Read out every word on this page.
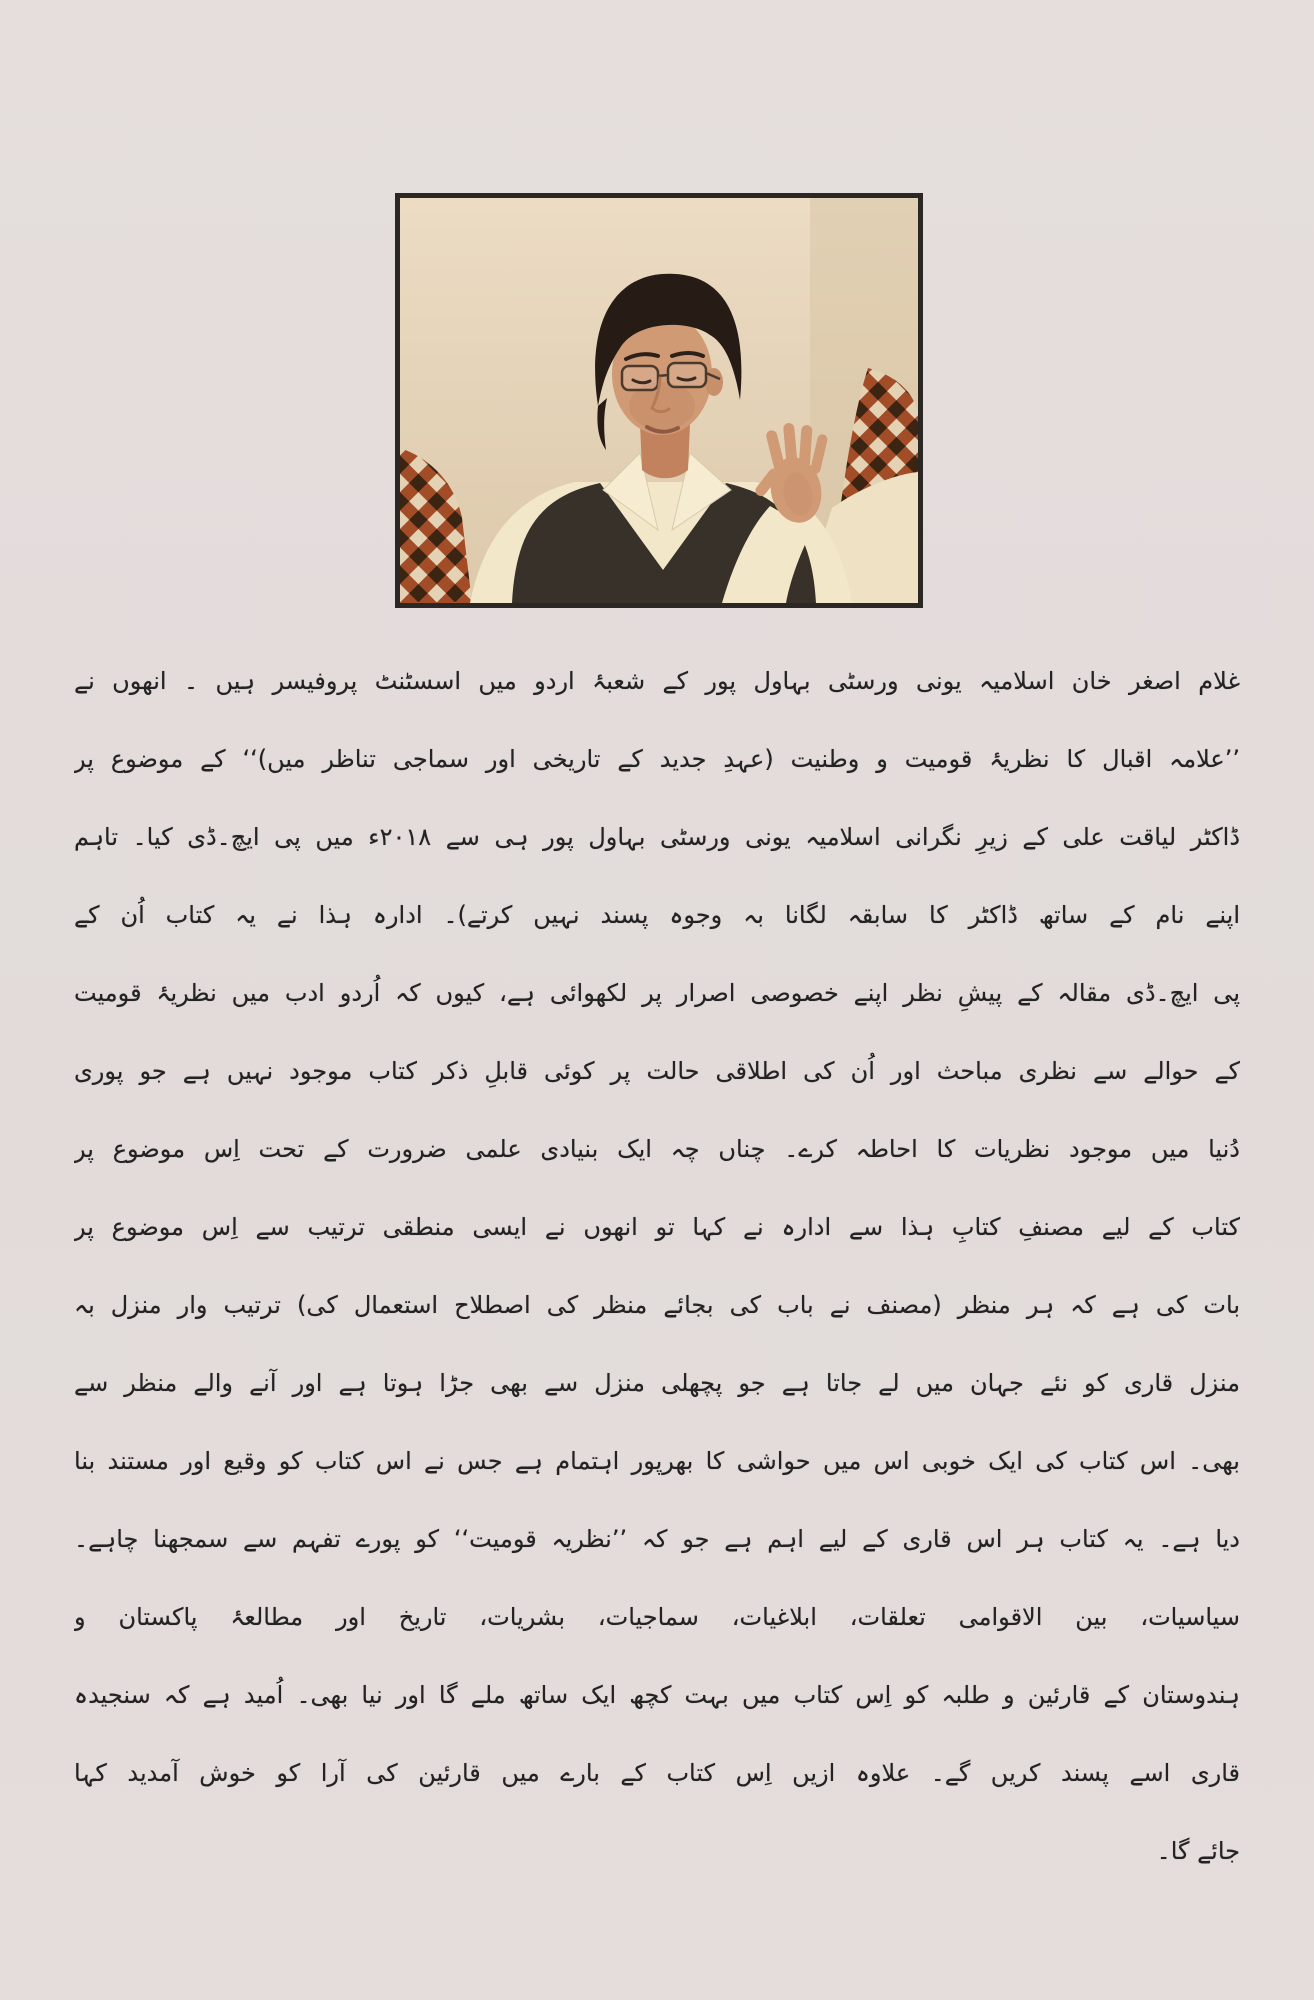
غلام اصغر خان اسلامیہ یونی ورسٹی بہاول پور کے شعبۂ اردو میں اسسٹنٹ پروفیسر ہیں ۔ انھوں نے
’’علامہ اقبال کا نظریۂ قومیت و وطنیت (عہدِ جدید کے تاریخی اور سماجی تناظر میں)‘‘ کے موضوع پر
ڈاکٹر لیاقت علی کے زیرِ نگرانی اسلامیہ یونی ورسٹی بہاول پور ہی سے ۲۰۱۸ء میں پی ایچ۔ڈی کیا۔ تاہم
اپنے نام کے ساتھ ڈاکٹر کا سابقہ لگانا بہ وجوہ پسند نہیں کرتے)۔ ادارہ ہذا نے یہ کتاب اُن کے
پی ایچ۔ڈی مقالہ کے پیشِ نظر اپنے خصوصی اصرار پر لکھوائی ہے، کیوں کہ اُردو ادب میں نظریۂ قومیت
کے حوالے سے نظری مباحث اور اُن کی اطلاقی حالت پر کوئی قابلِ ذکر کتاب موجود نہیں ہے جو پوری
دُنیا میں موجود نظریات کا احاطہ کرے۔ چناں چہ ایک بنیادی علمی ضرورت کے تحت اِس موضوع پر
کتاب کے لیے مصنفِ کتابِ ہذا سے ادارہ نے کہا تو انھوں نے ایسی منطقی ترتیب سے اِس موضوع پر
بات کی ہے کہ ہر منظر (مصنف نے باب کی بجائے منظر کی اصطلاح استعمال کی) ترتیب وار منزل بہ
منزل قاری کو نئے جہان میں لے جاتا ہے جو پچھلی منزل سے بھی جڑا ہوتا ہے اور آنے والے منظر سے
بھی۔ اس کتاب کی ایک خوبی اس میں حواشی کا بھرپور اہتمام ہے جس نے اس کتاب کو وقیع اور مستند بنا
دیا ہے۔ یہ کتاب ہر اس قاری کے لیے اہم ہے جو کہ ’’نظریہ قومیت‘‘ کو پورے تفہم سے سمجھنا چاہے۔
سیاسیات، بین الاقوامی تعلقات، ابلاغیات، سماجیات، بشریات، تاریخ اور مطالعۂ پاکستان و
ہندوستان کے قارئین و طلبہ کو اِس کتاب میں بہت کچھ ایک ساتھ ملے گا اور نیا بھی۔ اُمید ہے کہ سنجیدہ
قاری اسے پسند کریں گے۔ علاوہ ازیں اِس کتاب کے بارے میں قارئین کی آرا کو خوش آمدید کہا
جائے گا۔
